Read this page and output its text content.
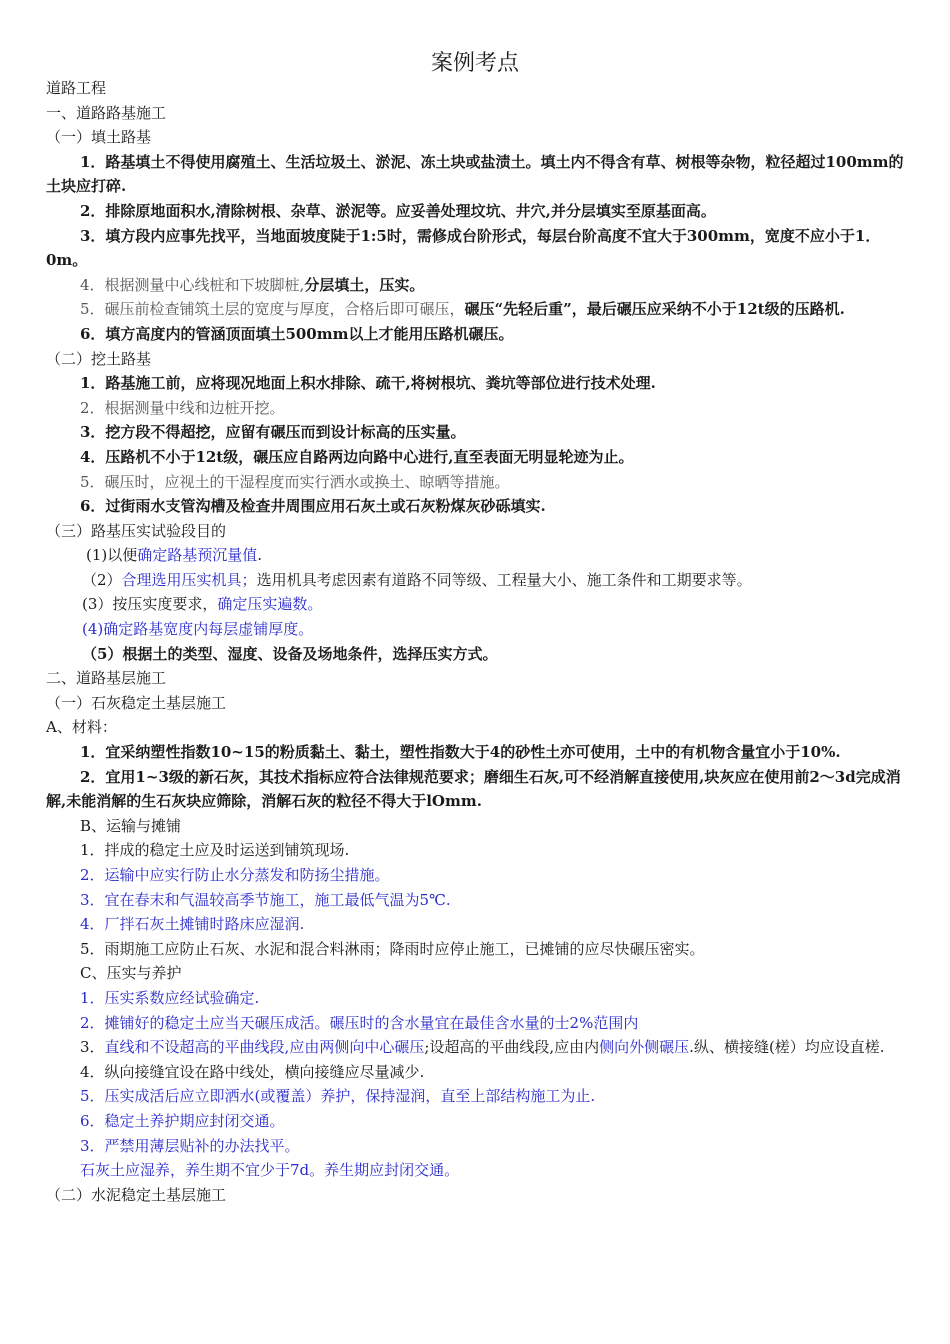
案例考点

道路工程

一、道路路基施工

（一）填土路基

1．路基填土不得使用腐殖土、生活垃圾土、淤泥、冻土块或盐渍土。填土内不得含有草、树根等杂物，粒径超过100mm的土块应打碎.

2．排除原地面积水,清除树根、杂草、淤泥等。应妥善处理坟坑、井穴,并分层填实至原基面高。

3．填方段内应事先找平，当地面坡度陡于1:5时，需修成台阶形式，每层台阶高度不宜大于300mm，宽度不应小于1．0m。

4．根据测量中心线桩和下坡脚桩,分层填土，压实。

5．碾压前检查铺筑土层的宽度与厚度，合格后即可碾压，碾压“先轻后重”，最后碾压应采纳不小于12t级的压路机.

6．填方高度内的管涵顶面填土500mm以上才能用压路机碾压。

（二）挖土路基

1．路基施工前，应将现况地面上积水排除、疏干,将树根坑、粪坑等部位进行技术处理.

2．根据测量中线和边桩开挖。

3．挖方段不得超挖，应留有碾压而到设计标高的压实量。

4．压路机不小于12t级，碾压应自路两边向路中心进行,直至表面无明显轮迹为止。

5．碾压时，应视土的干湿程度而实行洒水或换土、晾晒等措施。

6．过街雨水支管沟槽及检查井周围应用石灰土或石灰粉煤灰砂砾填实.

（三）路基压实试验段目的

(1)以便确定路基预沉量值.

（2）合理选用压实机具；选用机具考虑因素有道路不同等级、工程量大小、施工条件和工期要求等。

(3）按压实度要求，确定压实遍数。

(4)确定路基宽度内每层虚铺厚度。

（5）根据土的类型、湿度、设备及场地条件，选择压实方式。

二、道路基层施工

（一）石灰稳定土基层施工

A、材料：

1．宜采纳塑性指数10~15的粉质黏土、黏土，塑性指数大于4的砂性土亦可使用，土中的有机物含量宜小于10%.

2．宜用1~3级的新石灰，其技术指标应符合法律规范要求；磨细生石灰,可不经消解直接使用,块灰应在使用前2～3d完成消解,未能消解的生石灰块应筛除，消解石灰的粒径不得大于lOmm.

B、运输与摊铺

1．拌成的稳定土应及时运送到铺筑现场.

2．运输中应实行防止水分蒸发和防扬尘措施。

3．宜在春末和气温较高季节施工，施工最低气温为5℃.

4．厂拌石灰土摊铺时路床应湿润.

5．雨期施工应防止石灰、水泥和混合料淋雨；降雨时应停止施工，已摊铺的应尽快碾压密实。

C、压实与养护

1．压实系数应经试验确定.

2．摊铺好的稳定土应当天碾压成活。碾压时的含水量宜在最佳含水量的士2%范围内

3．直线和不设超高的平曲线段,应由两侧向中心碾压;设超高的平曲线段,应由内侧向外侧碾压.纵、横接缝(槎）均应设直槎.

4．纵向接缝宜设在路中线处，横向接缝应尽量减少.

5．压实成活后应立即洒水(或覆盖）养护，保持湿润，直至上部结构施工为止.

6．稳定土养护期应封闭交通。

3．严禁用薄层贴补的办法找平。

石灰土应湿养，养生期不宜少于7d。养生期应封闭交通。

（二）水泥稳定土基层施工
